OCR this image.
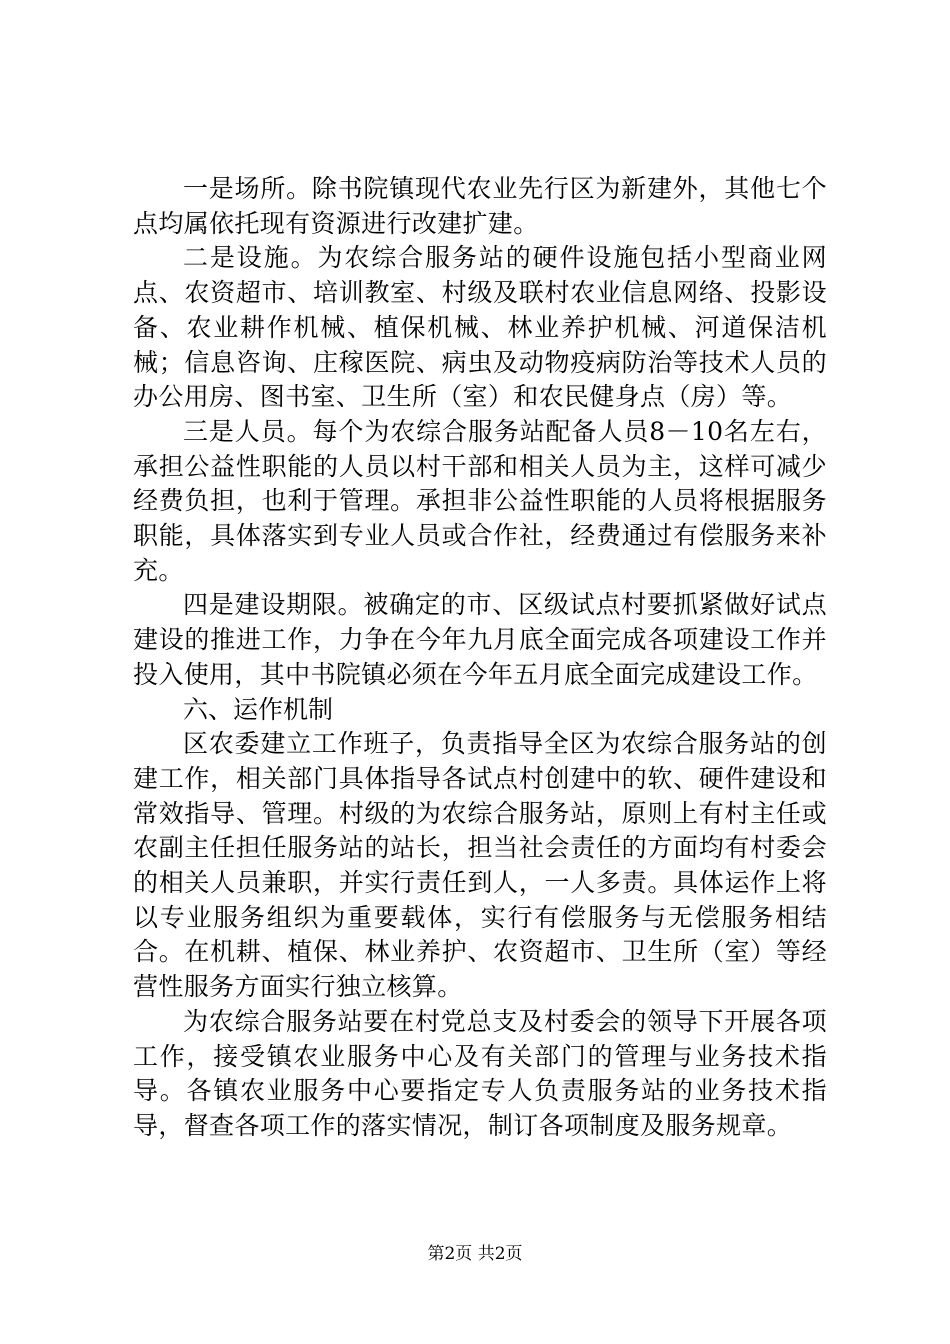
一是场所。除书院镇现代农业先行区为新建外，其他七个点均属依托现有资源进行改建扩建。

二是设施。为农综合服务站的硬件设施包括小型商业网点、农资超市、培训教室、村级及联村农业信息网络、投影设备、农业耕作机械、植保机械、林业养护机械、河道保洁机械；信息咨询、庄稼医院、病虫及动物疫病防治等技术人员的办公用房、图书室、卫生所（室）和农民健身点（房）等。

三是人员。每个为农综合服务站配备人员8－10名左右，承担公益性职能的人员以村干部和相关人员为主，这样可减少经费负担，也利于管理。承担非公益性职能的人员将根据服务职能，具体落实到专业人员或合作社，经费通过有偿服务来补充。

四是建设期限。被确定的市、区级试点村要抓紧做好试点建设的推进工作，力争在今年九月底全面完成各项建设工作并投入使用，其中书院镇必须在今年五月底全面完成建设工作。

六、运作机制

区农委建立工作班子，负责指导全区为农综合服务站的创建工作，相关部门具体指导各试点村创建中的软、硬件建设和常效指导、管理。村级的为农综合服务站，原则上有村主任或农副主任担任服务站的站长，担当社会责任的方面均有村委会的相关人员兼职，并实行责任到人，一人多责。具体运作上将以专业服务组织为重要载体，实行有偿服务与无偿服务相结合。在机耕、植保、林业养护、农资超市、卫生所（室）等经营性服务方面实行独立核算。

为农综合服务站要在村党总支及村委会的领导下开展各项工作，接受镇农业服务中心及有关部门的管理与业务技术指导。各镇农业服务中心要指定专人负责服务站的业务技术指导，督查各项工作的落实情况，制订各项制度及服务规章。

第2页 共2页
